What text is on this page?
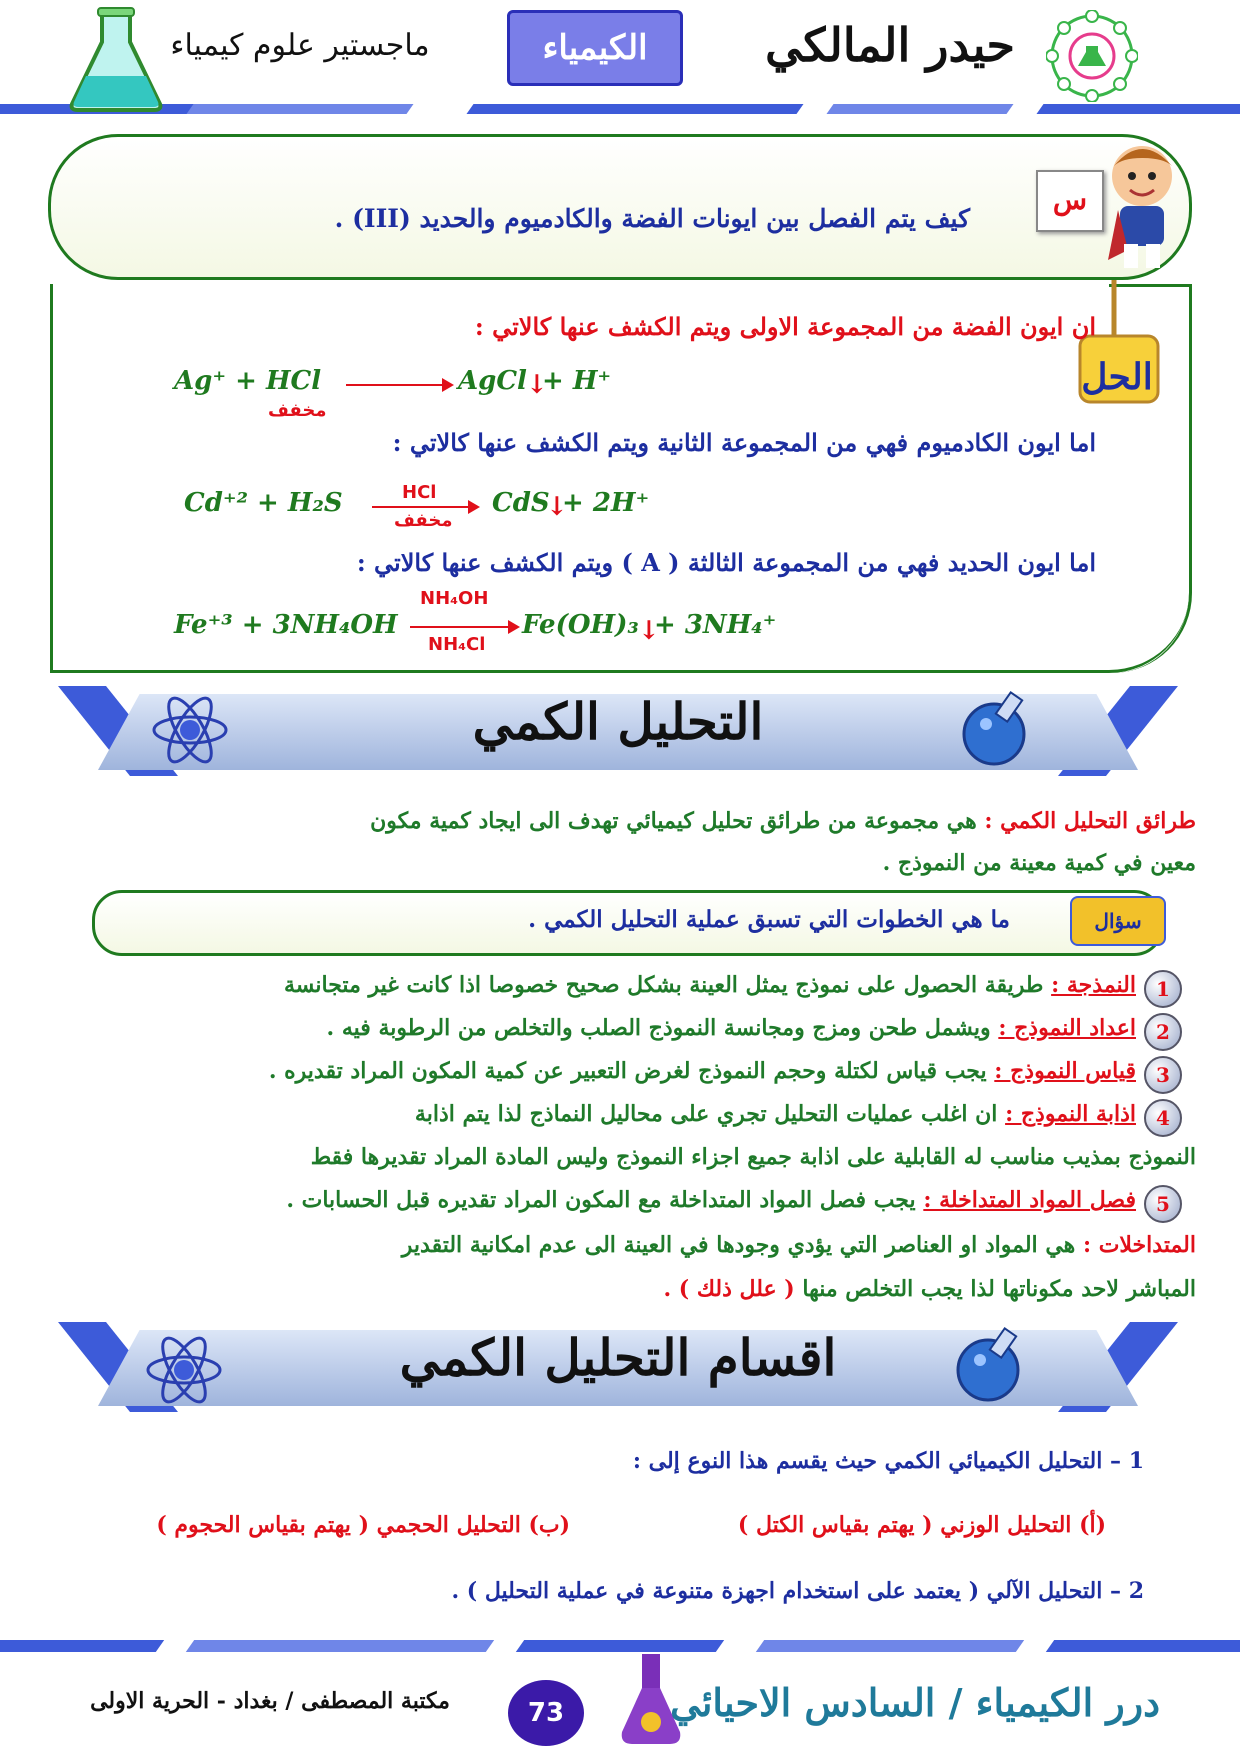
ماجستير علوم كيمياء	الكيمياء	حيدر المالكي
كيف يتم الفصل بين ايونات الفضة والكادميوم والحديد (III) .
س
الحل
ان ايون الفضة من المجموعة الاولى ويتم الكشف عنها كالاتي :
Ag⁺ + HCl	AgCl ↓
+ H⁺
مخفف
اما ايون الكادميوم فهي من المجموعة الثانية ويتم الكشف عنها كالاتي :
Cd⁺² + H₂S	HCl
مخفف
CdS
↓
+ 2H⁺
اما ايون الحديد فهي من المجموعة الثالثة ( A ) ويتم الكشف عنها كالاتي :
Fe⁺³ + 3NH₄OH
NH₄OH
NH₄Cl
Fe(OH)₃ ↓
+ 3NH₄⁺
التحليل الكمي
طرائق التحليل الكمي : هي مجموعة من طرائق تحليل كيميائي تهدف الى ايجاد كمية مكون
معين في كمية معينة من النموذج .
ما هي الخطوات التي تسبق عملية التحليل الكمي .	سؤال
1
النمذجة : طريقة الحصول على نموذج يمثل العينة بشكل صحيح خصوصا اذا كانت غير متجانسة
2
اعداد النموذج : ويشمل طحن ومزج ومجانسة النموذج الصلب والتخلص من الرطوبة فيه .
3
قياس النموذج : يجب قياس لكتلة وحجم النموذج لغرض التعبير عن كمية المكون المراد تقديره .
4
اذابة النموذج : ان اغلب عمليات التحليل تجري على محاليل النماذج لذا يتم اذابة
النموذج بمذيب مناسب له القابلية على اذابة جميع اجزاء النموذج وليس المادة المراد تقديرها فقط
5
فصل المواد المتداخلة : يجب فصل المواد المتداخلة مع المكون المراد تقديره قبل الحسابات .
المتداخلات : هي المواد او العناصر التي يؤدي وجودها في العينة الى عدم امكانية التقدير
المباشر لاحد مكوناتها لذا يجب التخلص منها ( علل ذلك ) .
اقسام التحليل الكمي
1 – التحليل الكيميائي الكمي حيث يقسم هذا النوع إلى :
(أ) التحليل الوزني ( يهتم بقياس الكتل )
(ب) التحليل الحجمي ( يهتم بقياس الحجوم )
2 – التحليل الآلي ( يعتمد على استخدام اجهزة متنوعة في عملية التحليل ) .
مكتبة المصطفى / بغداد - الحرية الاولى	73	درر الكيمياء / السادس الاحيائي
